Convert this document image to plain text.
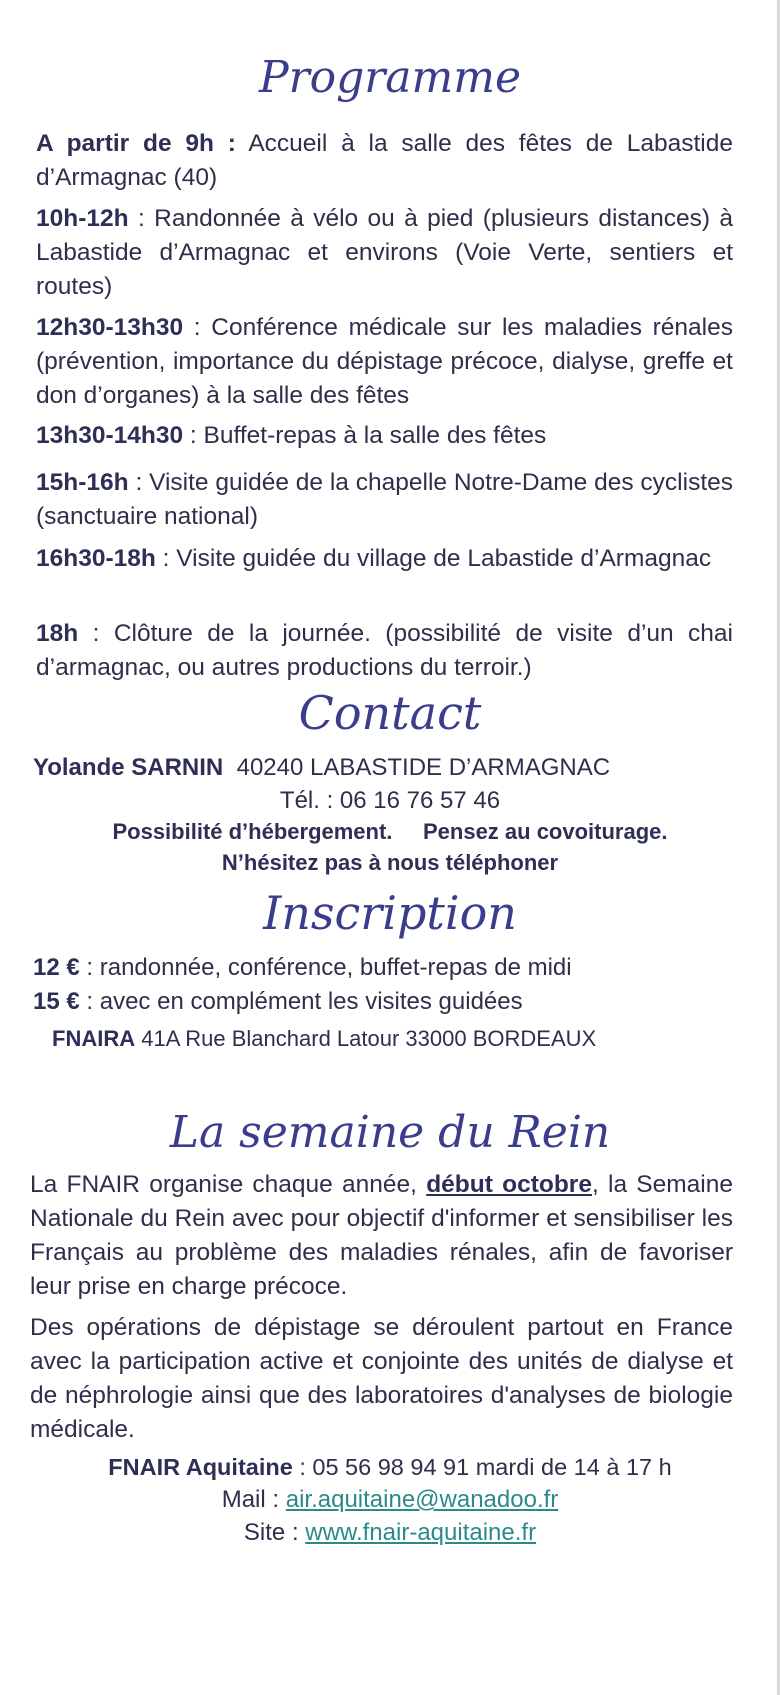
Programme

A partir de 9h : Accueil à la salle des fêtes de Labastide d’Armagnac (40)

10h-12h : Randonnée à vélo ou à pied (plusieurs distances) à Labastide d’Armagnac et environs (Voie Verte, sentiers et routes)

12h30-13h30 : Conférence médicale sur les maladies rénales (prévention, importance du dépistage précoce, dialyse, greffe et don d’organes) à la salle des fêtes

13h30-14h30 : Buffet-repas à la salle des fêtes

15h-16h : Visite guidée de la chapelle Notre-Dame des cyclistes (sanctuaire national)

16h30-18h : Visite guidée du village de Labastide d’Armagnac

18h : Clôture de la journée. (possibilité de visite d’un chai d’armagnac, ou autres productions du terroir.)

Contact

Yolande SARNIN 40240 LABASTIDE D’ARMAGNAC

Tél. : 06 16 76 57 46

Possibilité d’hébergement. Pensez au covoiturage.

N’hésitez pas à nous téléphoner

Inscription

12 € : randonnée, conférence, buffet-repas de midi

15 € : avec en complément les visites guidées

FNAIRA 41A Rue Blanchard Latour 33000 BORDEAUX

La semaine du Rein

La FNAIR organise chaque année, début octobre, la Semaine Nationale du Rein avec pour objectif d'informer et sensibiliser les Français au problème des maladies rénales, afin de favoriser leur prise en charge précoce.

Des opérations de dépistage se déroulent partout en France avec la participation active et conjointe des unités de dialyse et de néphrologie ainsi que des laboratoires d'analyses de biologie médicale.

FNAIR Aquitaine : 05 56 98 94 91 mardi de 14 à 17 h

Mail : air.aquitaine@wanadoo.fr

Site : www.fnair-aquitaine.fr
